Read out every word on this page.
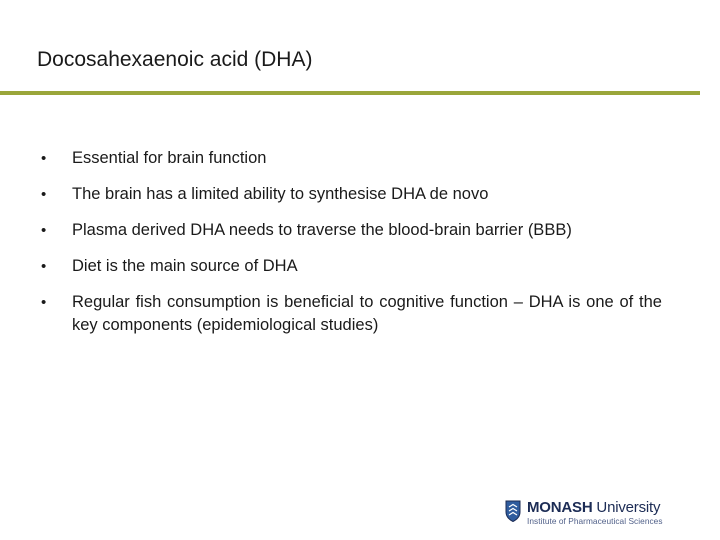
Docosahexaenoic acid (DHA)
• Essential for brain function
• The brain has a limited ability to synthesise DHA de novo
• Plasma derived DHA needs to traverse the blood-brain barrier (BBB)
• Diet is the main source of DHA
• Regular fish consumption is beneficial to cognitive function – DHA is one of the key components (epidemiological studies)
MONASH University
Institute of Pharmaceutical Sciences
